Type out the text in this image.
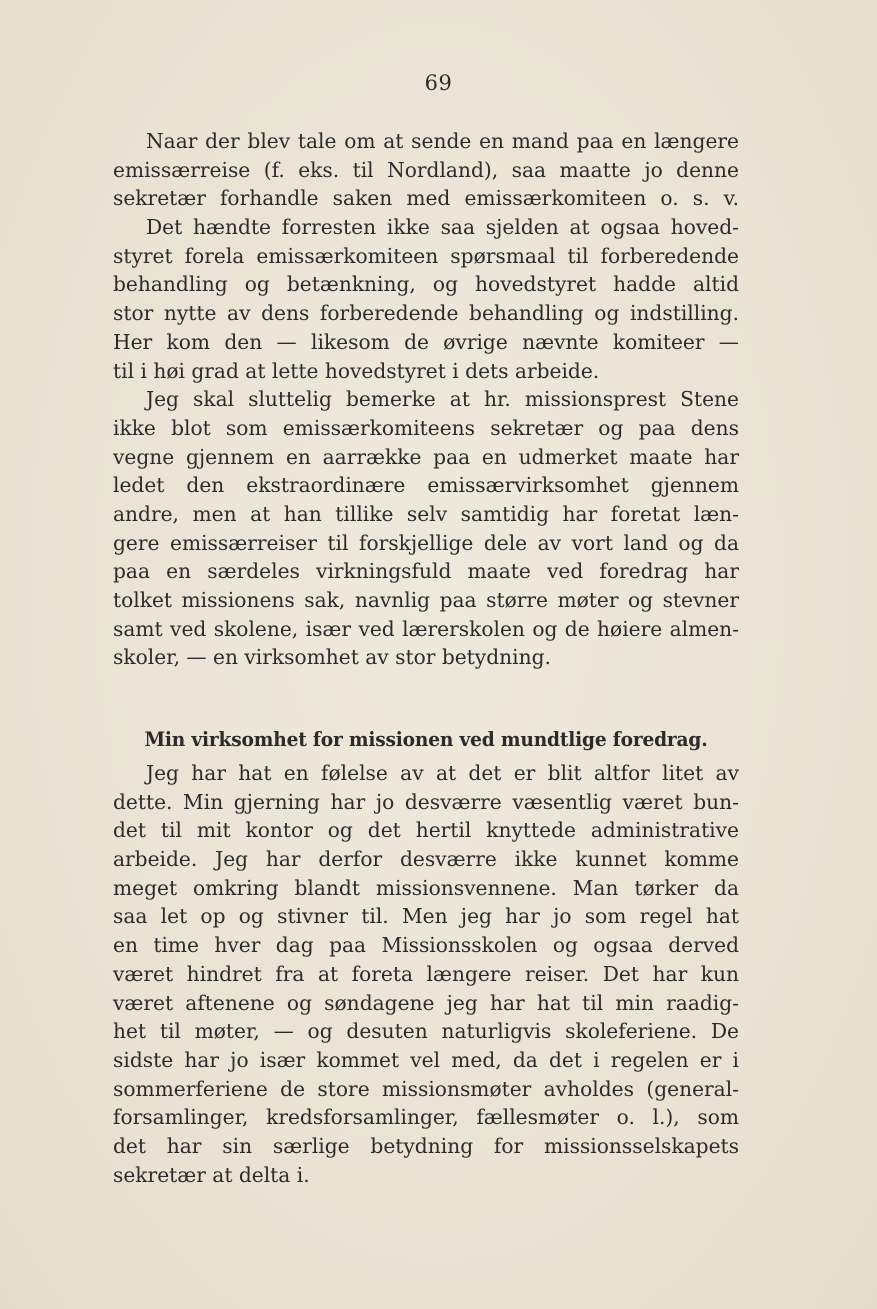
69
Naar der blev tale om at sende en mand paa en længere
emissærreise (f. eks. til Nordland), saa maatte jo denne
sekretær forhandle saken med emissærkomiteen o. s. v.
Det hændte forresten ikke saa sjelden at ogsaa hoved-
styret forela emissærkomiteen spørsmaal til forberedende
behandling og betænkning, og hovedstyret hadde altid
stor nytte av dens forberedende behandling og indstilling.
Her kom den — likesom de øvrige nævnte komiteer —
til i høi grad at lette hovedstyret i dets arbeide.
Jeg skal sluttelig bemerke at hr. missionsprest Stene
ikke blot som emissærkomiteens sekretær og paa dens
vegne gjennem en aarrække paa en udmerket maate har
ledet den ekstraordinære emissærvirksomhet gjennem
andre, men at han tillike selv samtidig har foretat læn-
gere emissærreiser til forskjellige dele av vort land og da
paa en særdeles virkningsfuld maate ved foredrag har
tolket missionens sak, navnlig paa større møter og stevner
samt ved skolene, især ved lærerskolen og de høiere almen-
skoler, — en virksomhet av stor betydning.
Min virksomhet for missionen ved mundtlige foredrag.
Jeg har hat en følelse av at det er blit altfor litet av
dette. Min gjerning har jo desværre væsentlig været bun-
det til mit kontor og det hertil knyttede administrative
arbeide. Jeg har derfor desværre ikke kunnet komme
meget omkring blandt missionsvennene. Man tørker da
saa let op og stivner til. Men jeg har jo som regel hat
en time hver dag paa Missionsskolen og ogsaa derved
været hindret fra at foreta længere reiser. Det har kun
været aftenene og søndagene jeg har hat til min raadig-
het til møter, — og desuten naturligvis skoleferiene. De
sidste har jo især kommet vel med, da det i regelen er i
sommerferiene de store missionsmøter avholdes (general-
forsamlinger, kredsforsamlinger, fællesmøter o. l.), som
det har sin særlige betydning for missionsselskapets
sekretær at delta i.
